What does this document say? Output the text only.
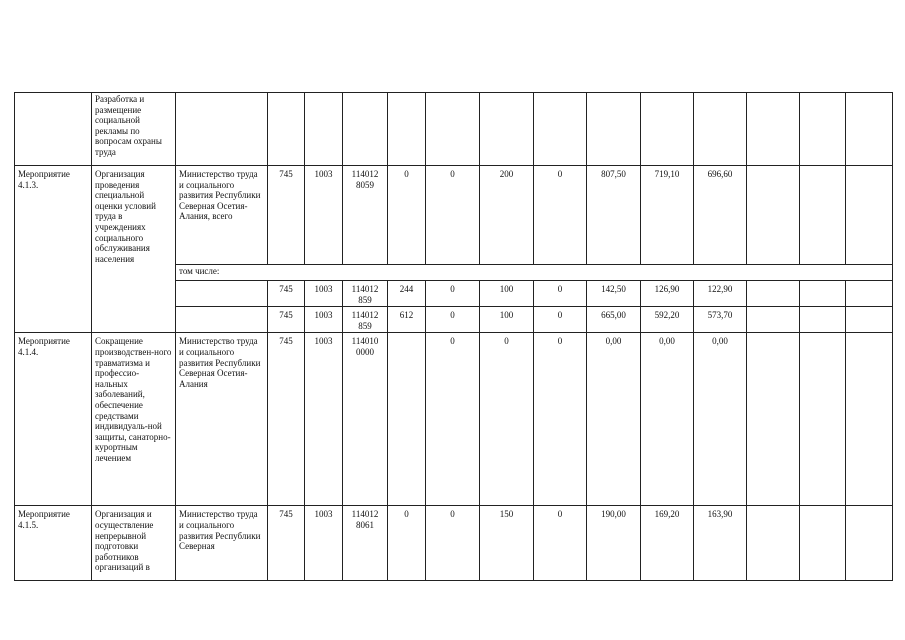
	Разработка и размещение социальной рекламы по вопросам охраны труда														
Мероприятие 4.1.3.	Организация проведения специальной оценки условий труда в учреждениях социального обслуживания населения	Министерство труда и социального развития Республики Северная Осетия-Алания, всего	745	1003	114012 8059	0	0	200	0	807,50	719,10	696,60			
		том числе:													
			745	1003	114012 859	244	0	100	0	142,50	126,90	122,90			
			745	1003	114012 859	612	0	100	0	665,00	592,20	573,70			
Мероприятие 4.1.4.	Сокращение производствен-ного травматизма и профессио-нальных заболеваний, обеспечение средствами индивидуаль-ной защиты, санаторно-курортным лечением	Министерство труда и социального развития Республики Северная Осетия-Алания	745	1003	114010 0000		0	0	0	0,00	0,00	0,00			
Мероприятие 4.1.5.	Организация и осуществление непрерывной подготовки работников организаций в	Министерство труда и социального развития Республики Северная	745	1003	114012 8061	0	0	150	0	190,00	169,20	163,90			
